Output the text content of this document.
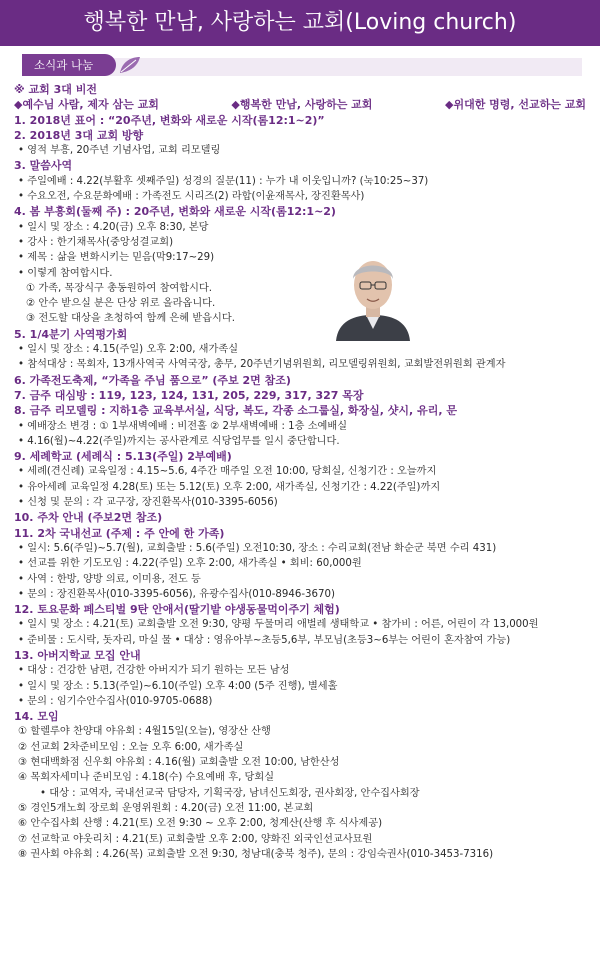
행복한 만남, 사랑하는 교회(Loving church)
소식과 나눔
※ 교회 3대 비전
◆예수님 사람, 제자 삼는 교회	◆행복한 만남, 사랑하는 교회	◆위대한 명령, 선교하는 교회
1. 2018년 표어 : “20주년, 변화와 새로운 시작(롬12:1~2)”
2. 2018년 3대 교회 방향
• 영적 부흥, 20주년 기념사업, 교회 리모델링
3. 말씀사역
• 주일예배 : 4.22(부활후 셋째주일) 성경의 질문(11) : 누가 내 이웃입니까? (눅10:25~37)
• 수요오전, 수요문화예배 : 가족전도 시리즈(2) 라합(이윤재목사, 장진환목사)
4. 봄 부흥회(둘째 주) : 20주년, 변화와 새로운 시작(롬12:1~2)
• 일시 및 장소 : 4.20(금) 오후 8:30, 본당
• 강사 : 한기채목사(중앙성결교회)
• 제목 : 삶을 변화시키는 믿음(막9:17~29)
• 이렇게 참여합시다.
① 가족, 목장식구 총동원하여 참여합시다.
② 안수 받으실 분은 단상 위로 올라옵니다.
③ 전도할 대상을 초청하여 함께 은혜 받읍시다.
5. 1/4분기 사역평가회
• 일시 및 장소 : 4.15(주일) 오후 2:00, 새가족실
• 참석대상 : 목회자, 13개사역국 사역국장, 총무, 20주년기념위원회, 리모델링위원회, 교회발전위원회 관계자
6. 가족전도축제, “가족을 주님 품으로” (주보 2면 참조)
7. 금주 대심방 : 119, 123, 124, 131, 205, 229, 317, 327 목장
8. 금주 리모델링 : 지하1층 교육부서실, 식당, 복도, 각종 소그룹실, 화장실, 샷시, 유리, 문
• 예배장소 변경 : ① 1부새벽예배 : 비전홀 ② 2부새벽예배 : 1층 소예배실
• 4.16(월)~4.22(주일)까지는 공사관계로 식당업무를 일시 중단합니다.
9. 세례학교 (세례식 : 5.13(주일) 2부예배)
• 세례(견신례) 교육일정 : 4.15~5.6, 4주간 매주일 오전 10:00, 당회실, 신청기간 : 오늘까지
• 유아세례 교육일정 4.28(토) 또는 5.12(토) 오후 2:00, 새가족실, 신청기간 : 4.22(주일)까지
• 신청 및 문의 : 각 교구장, 장진환목사(010-3395-6056)
10. 주차 안내 (주보2면 참조)
11. 2차 국내선교 (주제 : 주 안에 한 가족)
• 일시: 5.6(주일)~5.7(월), 교회출발 : 5.6(주일) 오전10:30, 장소 : 수리교회(전남 화순군 북면 수리 431)
• 선교를 위한 기도모임 : 4.22(주일) 오후 2:00, 새가족실 • 회비: 60,000원
• 사역 : 한방, 양방 의료, 이미용, 전도 등
• 문의 : 장진환목사(010-3395-6056), 유광수집사(010-8946-3670)
12. 토요문화 페스티벌 9탄 안애서(딸기밭 야생동물먹이주기 체험)
• 일시 및 장소 : 4.21(토) 교회출발 오전 9:30, 양평 두물머리 애벌레 생태학교 • 참가비 : 어른, 어린이 각 13,000원
• 준비물 : 도시락, 돗자리, 마실 물 • 대상 : 영유아부~초등5,6부, 부모님(초등3~6부는 어린이 혼자참여 가능)
13. 아버지학교 모집 안내
• 대상 : 건강한 남편, 건강한 아버지가 되기 원하는 모든 남성
• 일시 및 장소 : 5.13(주일)~6.10(주일) 오후 4:00 (5주 진행), 별세홀
• 문의 : 임기수안수집사(010-9705-0688)
14. 모임
① 할렐루야 찬양대 야유회 : 4월15일(오늘), 영장산 산행
② 선교회 2차준비모임 : 오늘 오후 6:00, 새가족실
③ 현대백화점 신우회 야유회 : 4.16(월) 교회출발 오전 10:00, 남한산성
④ 목회자세미나 준비모임 : 4.18(수) 수요예배 후, 당회실
• 대상 : 교역자, 국내선교국 담당자, 기획국장, 남녀신도회장, 권사회장, 안수집사회장
⑤ 경인5개노회 장로회 운영위원회 : 4.20(금) 오전 11:00, 본교회
⑥ 안수집사회 산행 : 4.21(토) 오전 9:30 ~ 오후 2:00, 청계산(산행 후 식사제공)
⑦ 선교학교 야웃리치 : 4.21(토) 교회출발 오후 2:00, 양화진 외국인선교사묘원
⑧ 권사회 야유회 : 4.26(목) 교회출발 오전 9:30, 청남대(충북 청주), 문의 : 강임숙권사(010-3453-7316)
